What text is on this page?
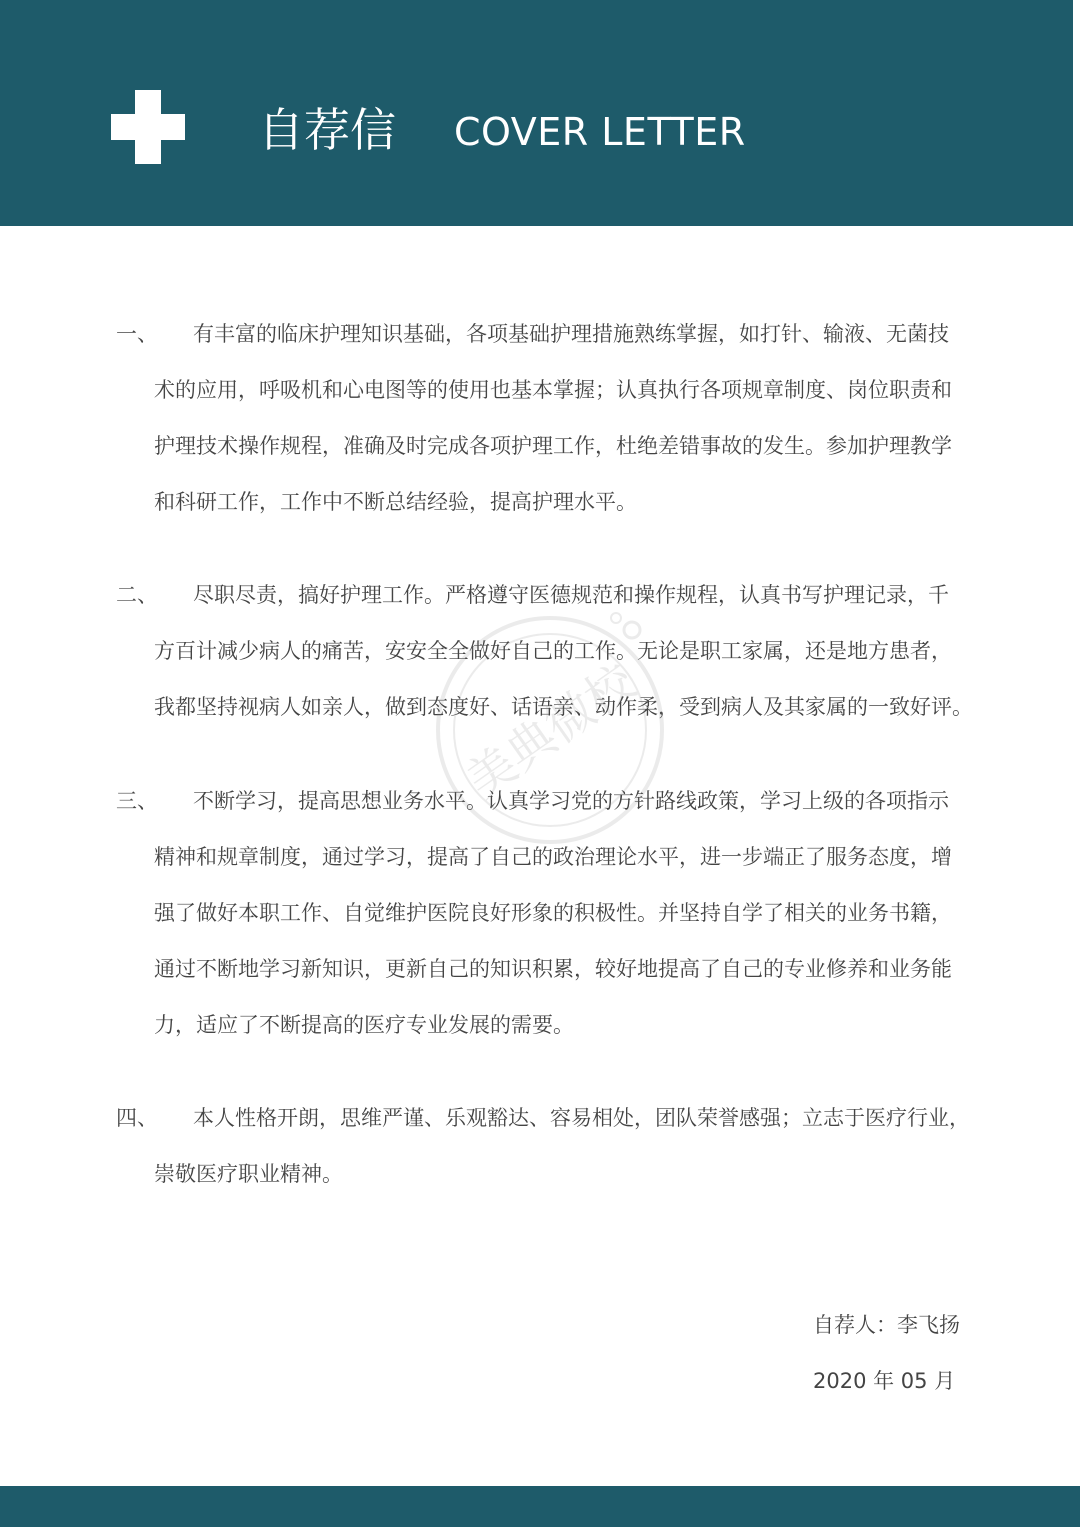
自荐信 COVER LETTER
一、 有丰富的临床护理知识基础，各项基础护理措施熟练掌握，如打针、输液、无菌技
术的应用，呼吸机和心电图等的使用也基本掌握；认真执行各项规章制度、岗位职责和
护理技术操作规程，准确及时完成各项护理工作，杜绝差错事故的发生。参加护理教学
和科研工作，工作中不断总结经验，提高护理水平。
二、 尽职尽责，搞好护理工作。严格遵守医德规范和操作规程，认真书写护理记录，千
方百计减少病人的痛苦，安安全全做好自己的工作。无论是职工家属，还是地方患者，
我都坚持视病人如亲人，做到态度好、话语亲、动作柔，受到病人及其家属的一致好评。
三、 不断学习，提高思想业务水平。认真学习党的方针路线政策，学习上级的各项指示
精神和规章制度，通过学习，提高了自己的政治理论水平，进一步端正了服务态度，增
强了做好本职工作、自觉维护医院良好形象的积极性。并坚持自学了相关的业务书籍，
通过不断地学习新知识，更新自己的知识积累，较好地提高了自己的专业修养和业务能
力，适应了不断提高的医疗专业发展的需要。
四、 本人性格开朗，思维严谨、乐观豁达、容易相处，团队荣誉感强；立志于医疗行业，
崇敬医疗职业精神。
自荐人：李飞扬
2020 年 05 月
美典微校
